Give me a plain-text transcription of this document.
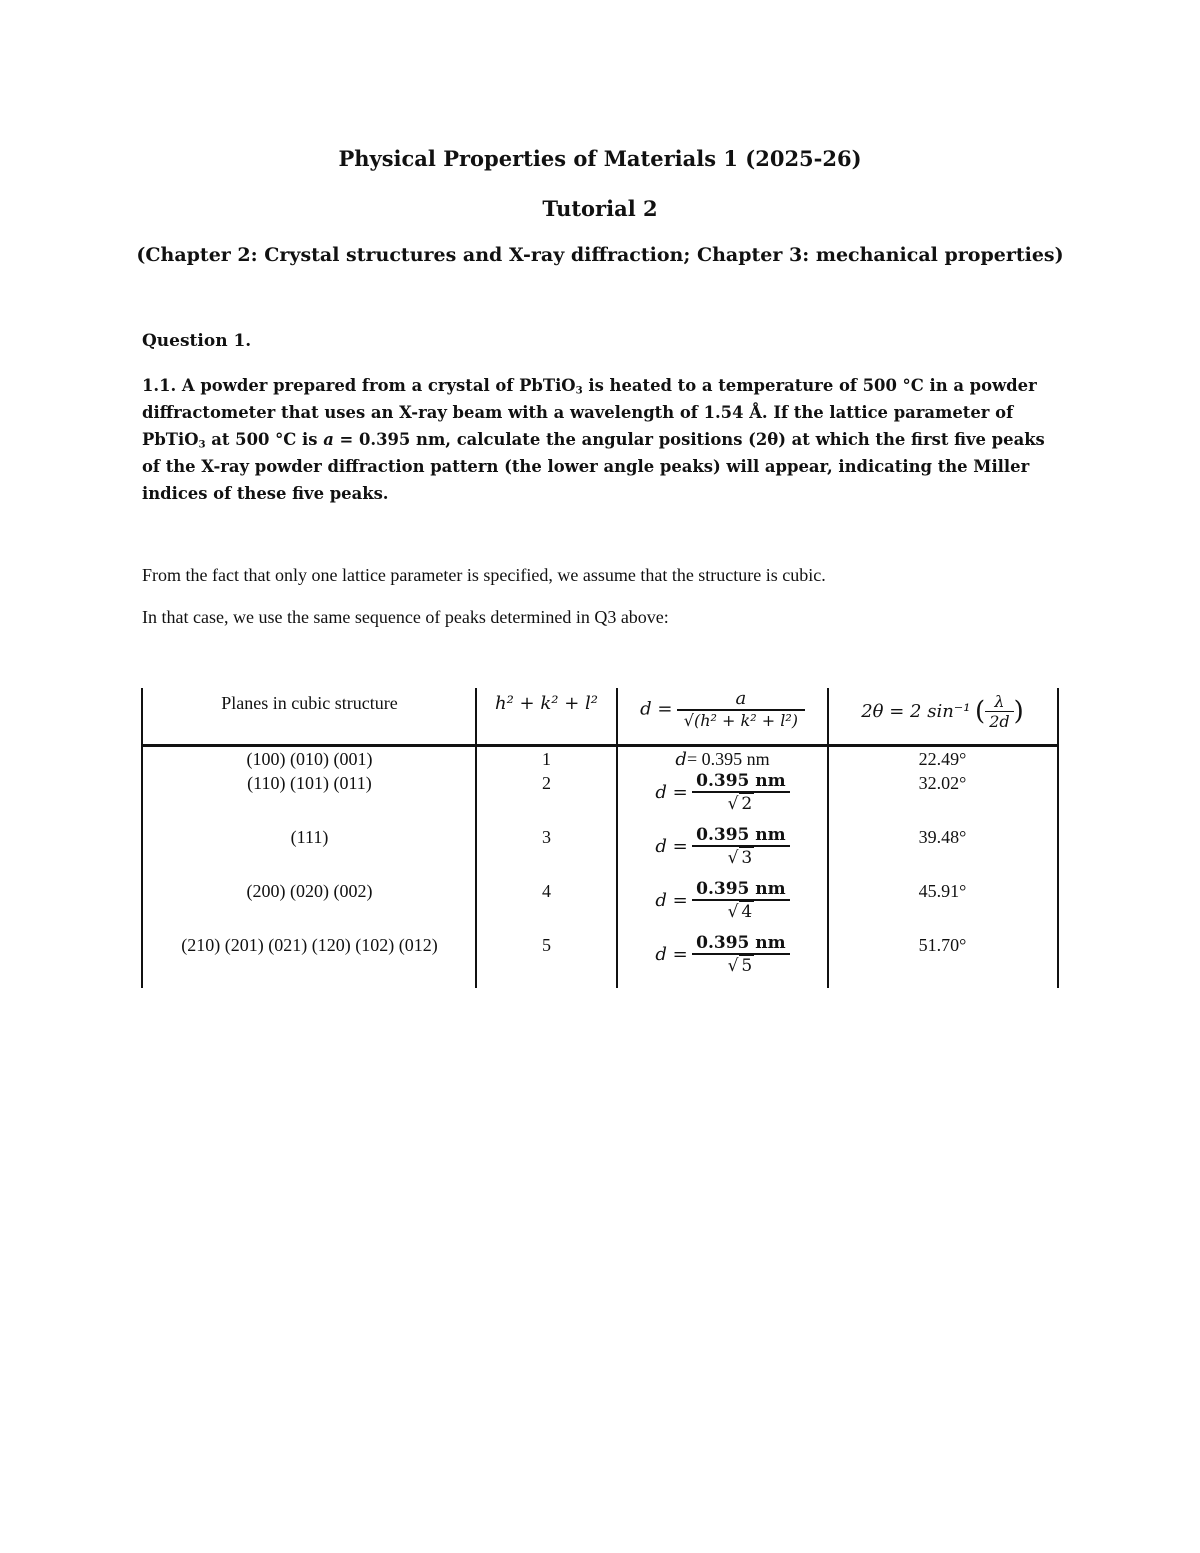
Physical Properties of Materials 1 (2025-26)
Tutorial 2
(Chapter 2: Crystal structures and X-ray diffraction; Chapter 3: mechanical properties)
Question 1.
1.1. A powder prepared from a crystal of PbTiO$_3$ is heated to a temperature of 500 °C in a powder diffractometer that uses an X-ray beam with a wavelength of 1.54 Å. If the lattice parameter of PbTiO$_3$ at 500 °C is a = 0.395 nm, calculate the angular positions (2θ) at which the first five peaks of the X-ray powder diffraction pattern (the lower angle peaks) will appear, indicating the Miller indices of these five peaks.
From the fact that only one lattice parameter is specified, we assume that the structure is cubic.
In that case, we use the same sequence of peaks determined in Q3 above:
Planes in cubic structure	h² + k² + l²	$d = \frac{a}{\text{√(h² + k² + l²)}}$	2θ = 2 sin⁻¹ ( $\frac{\lambda}{2d}$ )
(100) (010) (001)	1	d= 0.395 nm	22.49°
(110) (101) (011)	2	$d = \frac{0.395 nm}{√ 2}$	32.02°
(111)	3	$d = \frac{0.395 nm}{√ 3}$	39.48°
(200) (020) (002)	4	$d = \frac{0.395 nm}{√ 4}$	45.91°
(210) (201) (021) (120) (102) (012)	5	$d = \frac{0.395 nm}{√ 5}$	51.70°
